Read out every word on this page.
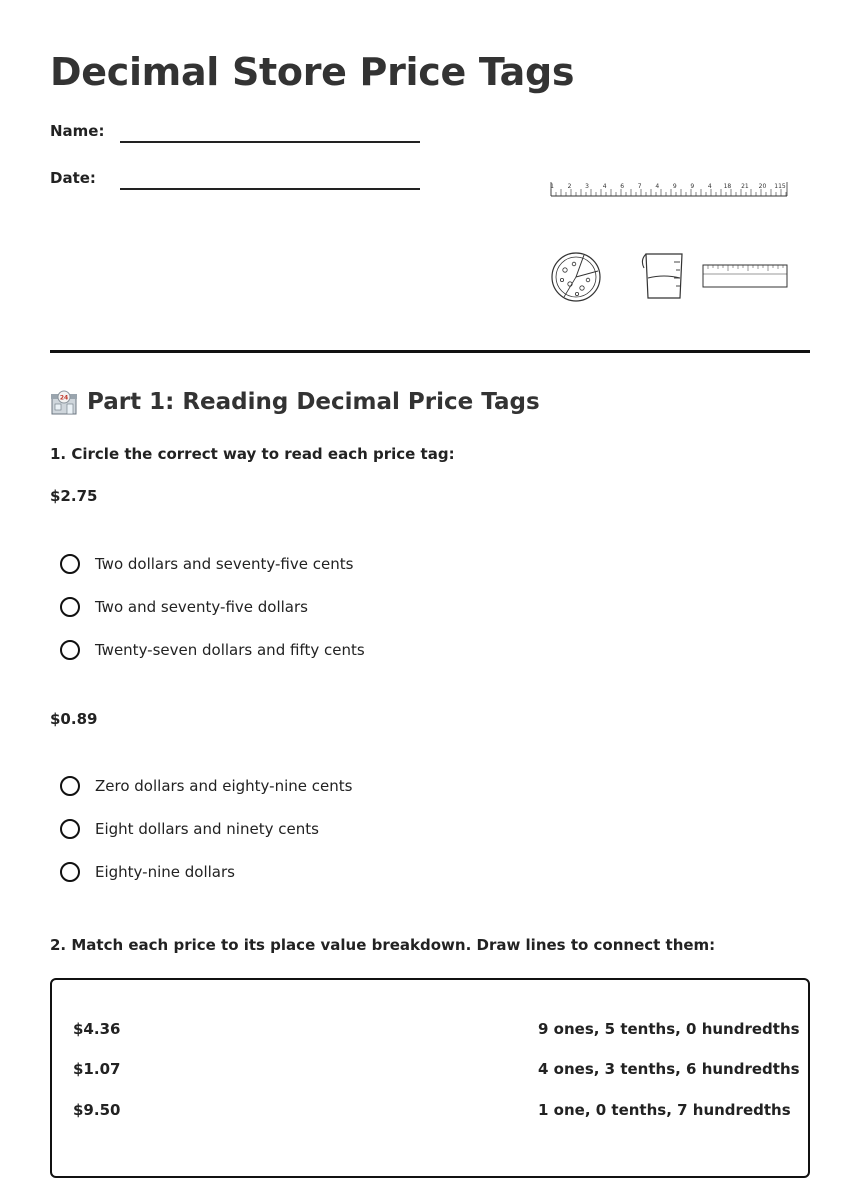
Decimal Store Price Tags
Name:
Date:	1 2 3 4 6 7 4 9 9 4 18 21 20 115
24 Part 1: Reading Decimal Price Tags
1. Circle the correct way to read each price tag:
$2.75
Two dollars and seventy-five cents
Two and seventy-five dollars
Twenty-seven dollars and fifty cents
$0.89
Zero dollars and eighty-nine cents
Eight dollars and ninety cents
Eighty-nine dollars
2. Match each price to its place value breakdown. Draw lines to connect them:
$4.36
$1.07
$9.50
9 ones, 5 tenths, 0 hundredths
4 ones, 3 tenths, 6 hundredths
1 one, 0 tenths, 7 hundredths
